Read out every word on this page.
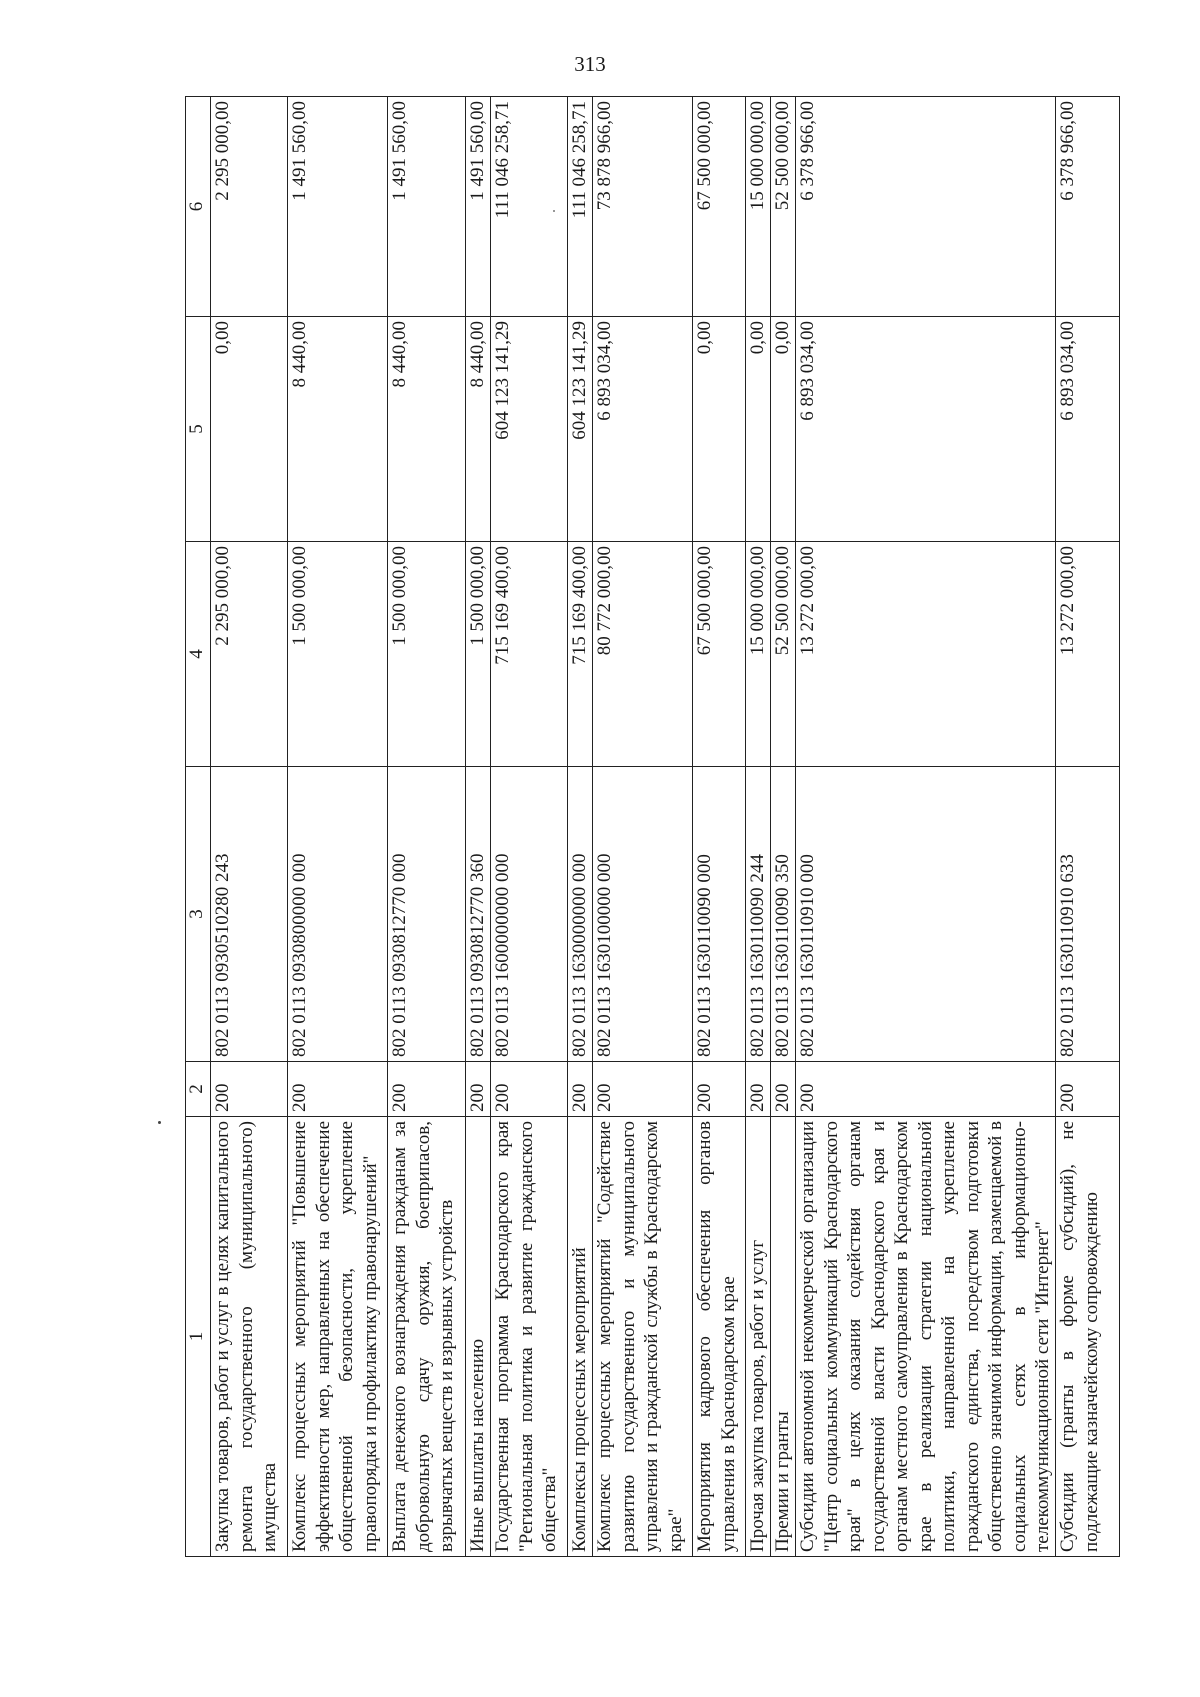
313
1	2	3	4	5	6
Закупка товаров, работ и услуг в целях капитального ремонта государственного (муниципального) имущества	200	802 0113 0930510280 243	2 295 000,00	0,00	2 295 000,00
Комплекс процессных мероприятий "Повышение эффективности мер, направленных на обеспечение общественной безопасности, укрепление правопорядка и профилактику правонарушений"	200	802 0113 0930800000 000	1 500 000,00	8 440,00	1 491 560,00
Выплата денежного вознаграждения гражданам за добровольную сдачу оружия, боеприпасов, взрывчатых веществ и взрывных устройств	200	802 0113 0930812770 000	1 500 000,00	8 440,00	1 491 560,00
Иные выплаты населению	200	802 0113 0930812770 360	1 500 000,00	8 440,00	1 491 560,00
Государственная программа Краснодарского края "Региональная политика и развитие гражданского общества"	200	802 0113 1600000000 000	715 169 400,00	604 123 141,29	111 046 258,71
Комплексы процессных мероприятий	200	802 0113 1630000000 000	715 169 400,00	604 123 141,29	111 046 258,71
Комплекс процессных мероприятий "Содействие развитию государственного и муниципального управления и гражданской службы в Краснодарском крае"	200	802 0113 1630100000 000	80 772 000,00	6 893 034,00	73 878 966,00
Мероприятия кадрового обеспечения органов управления в Краснодарском крае	200	802 0113 1630110090 000	67 500 000,00	0,00	67 500 000,00
Прочая закупка товаров, работ и услуг	200	802 0113 1630110090 244	15 000 000,00	0,00	15 000 000,00
Премии и гранты	200	802 0113 1630110090 350	52 500 000,00	0,00	52 500 000,00
Субсидии автономной некоммерческой организации "Центр социальных коммуникаций Краснодарского края" в целях оказания содействия органам государственной власти Краснодарского края и органам местного самоуправления в Краснодарском крае в реализации стратегии национальной политики, направленной на укрепление гражданского единства, посредством подготовки общественно значимой информации, размещаемой в социальных сетях в информационно-телекоммуникационной сети "Интернет"	200	802 0113 1630110910 000	13 272 000,00	6 893 034,00	6 378 966,00
Субсидии (гранты в форме субсидий), не подлежащие казначейскому сопровождению	200	802 0113 1630110910 633	13 272 000,00	6 893 034,00	6 378 966,00
